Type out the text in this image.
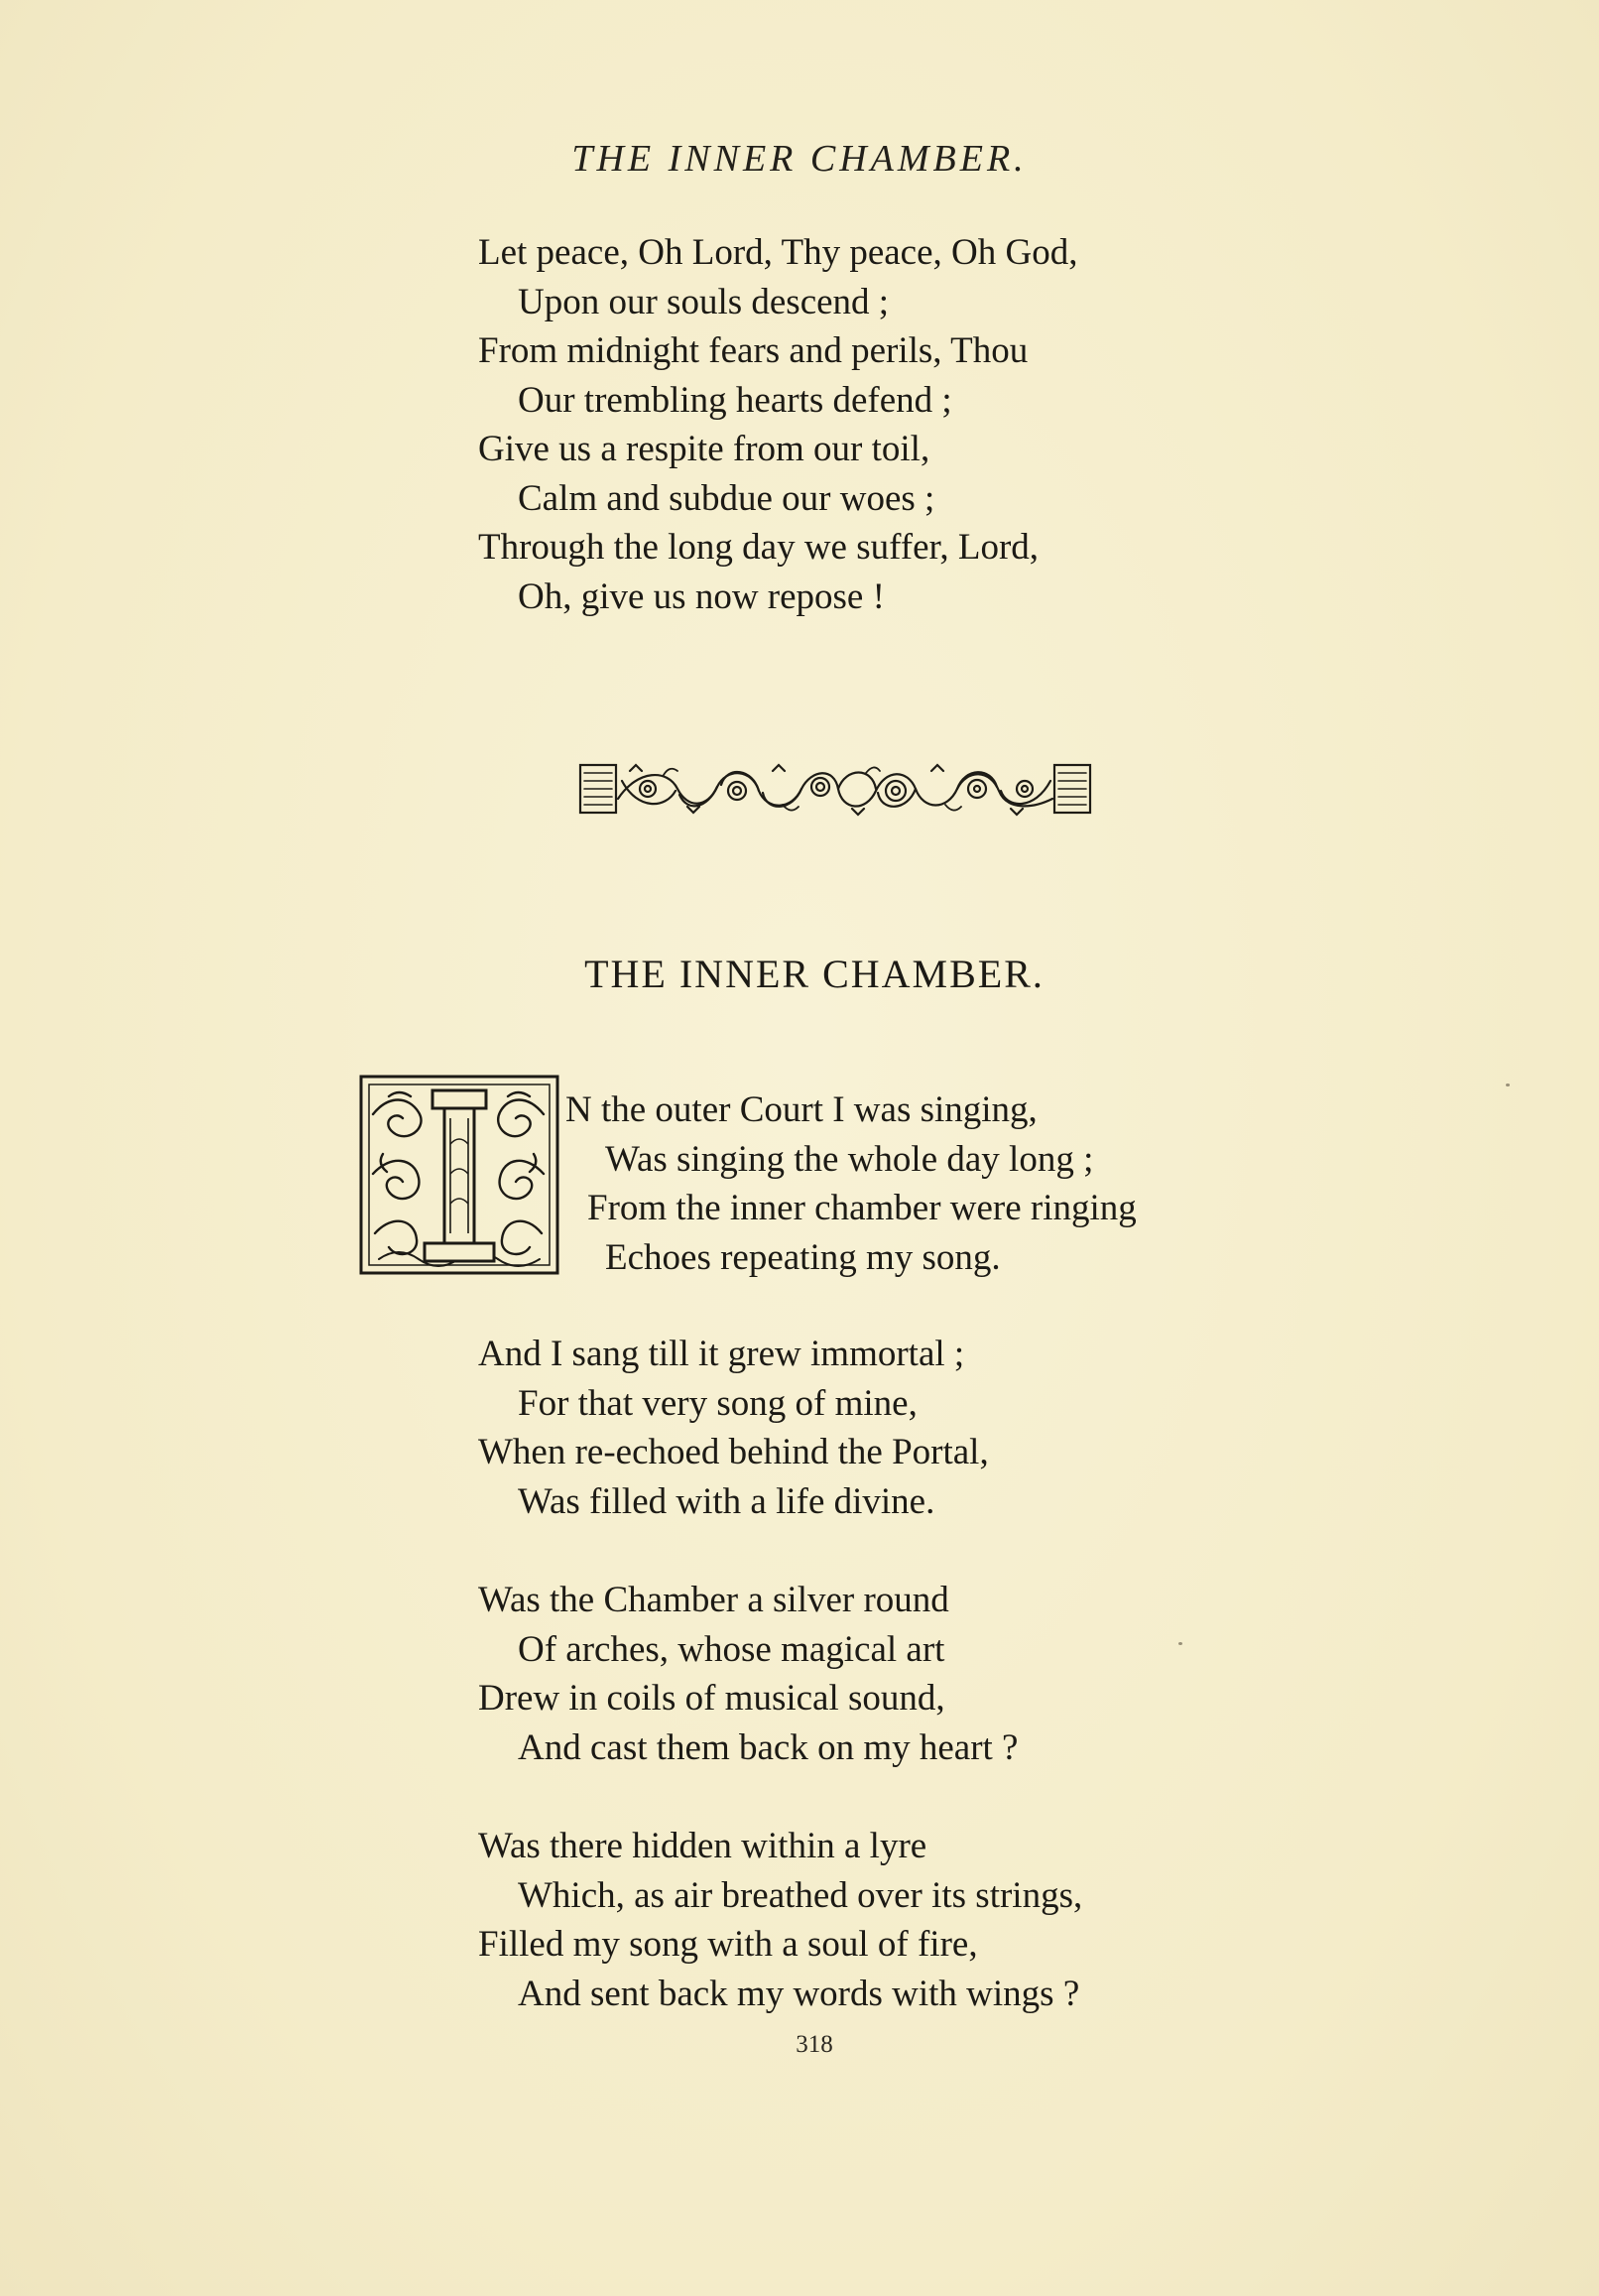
THE INNER CHAMBER.
Let peace, Oh Lord, Thy peace, Oh God,
Upon our souls descend ;
From midnight fears and perils, Thou
Our trembling hearts defend ;
Give us a respite from our toil,
Calm and subdue our woes ;
Through the long day we suffer, Lord,
Oh, give us now repose !
THE INNER CHAMBER.
N the outer Court I was singing,
Was singing the whole day long ;
From the inner chamber were ringing
Echoes repeating my song.
And I sang till it grew immortal ;
For that very song of mine,
When re-echoed behind the Portal,
Was filled with a life divine.
Was the Chamber a silver round
Of arches, whose magical art
Drew in coils of musical sound,
And cast them back on my heart ?
Was there hidden within a lyre
Which, as air breathed over its strings,
Filled my song with a soul of fire,
And sent back my words with wings ?
318
